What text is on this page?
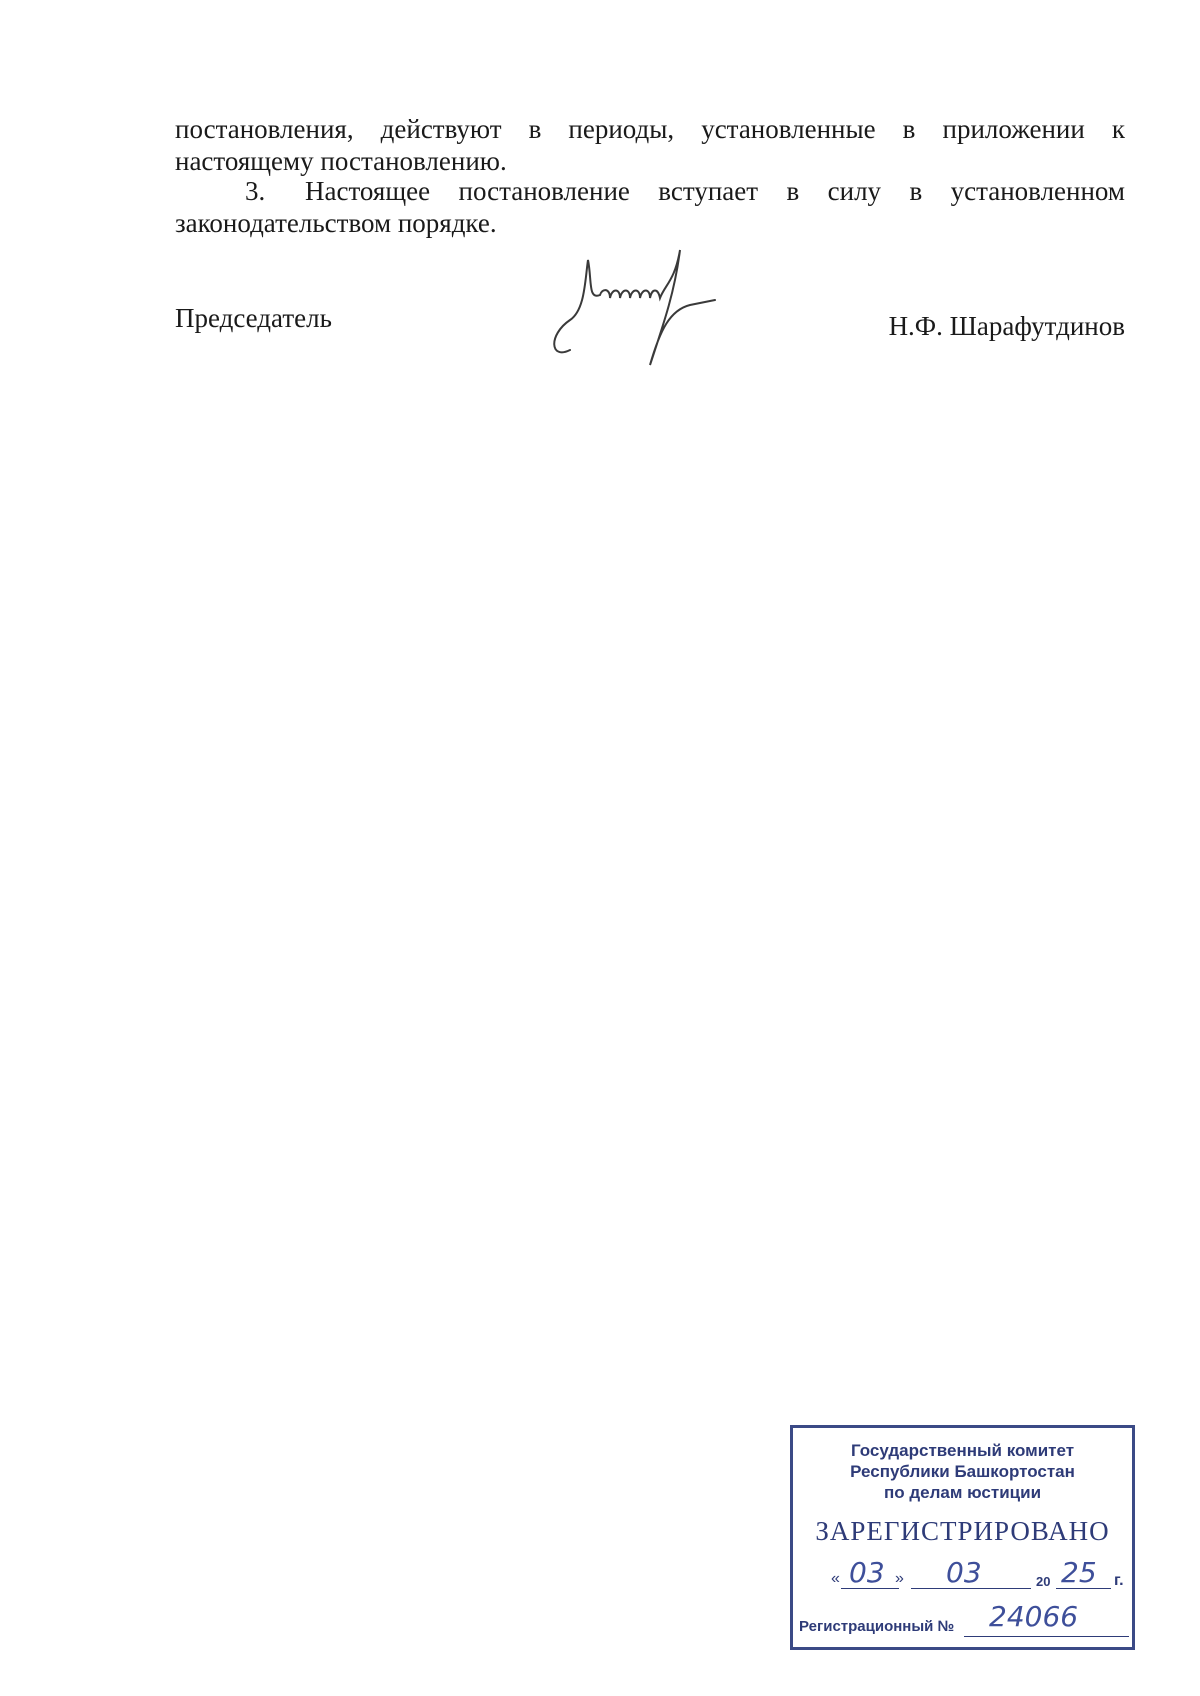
постановления, действуют в периоды, установленные в приложении к настоящему постановлению.

3. Настоящее постановление вступает в силу в установленном законодательством порядке.

Председатель	Н.Ф. Шарафутдинов
Государственный комитет
Республики Башкортостан
по делам юстиции
ЗАРЕГИСТРИРОВАНО
« 03 » 03	20 25 г.
Регистрационный № 24066
